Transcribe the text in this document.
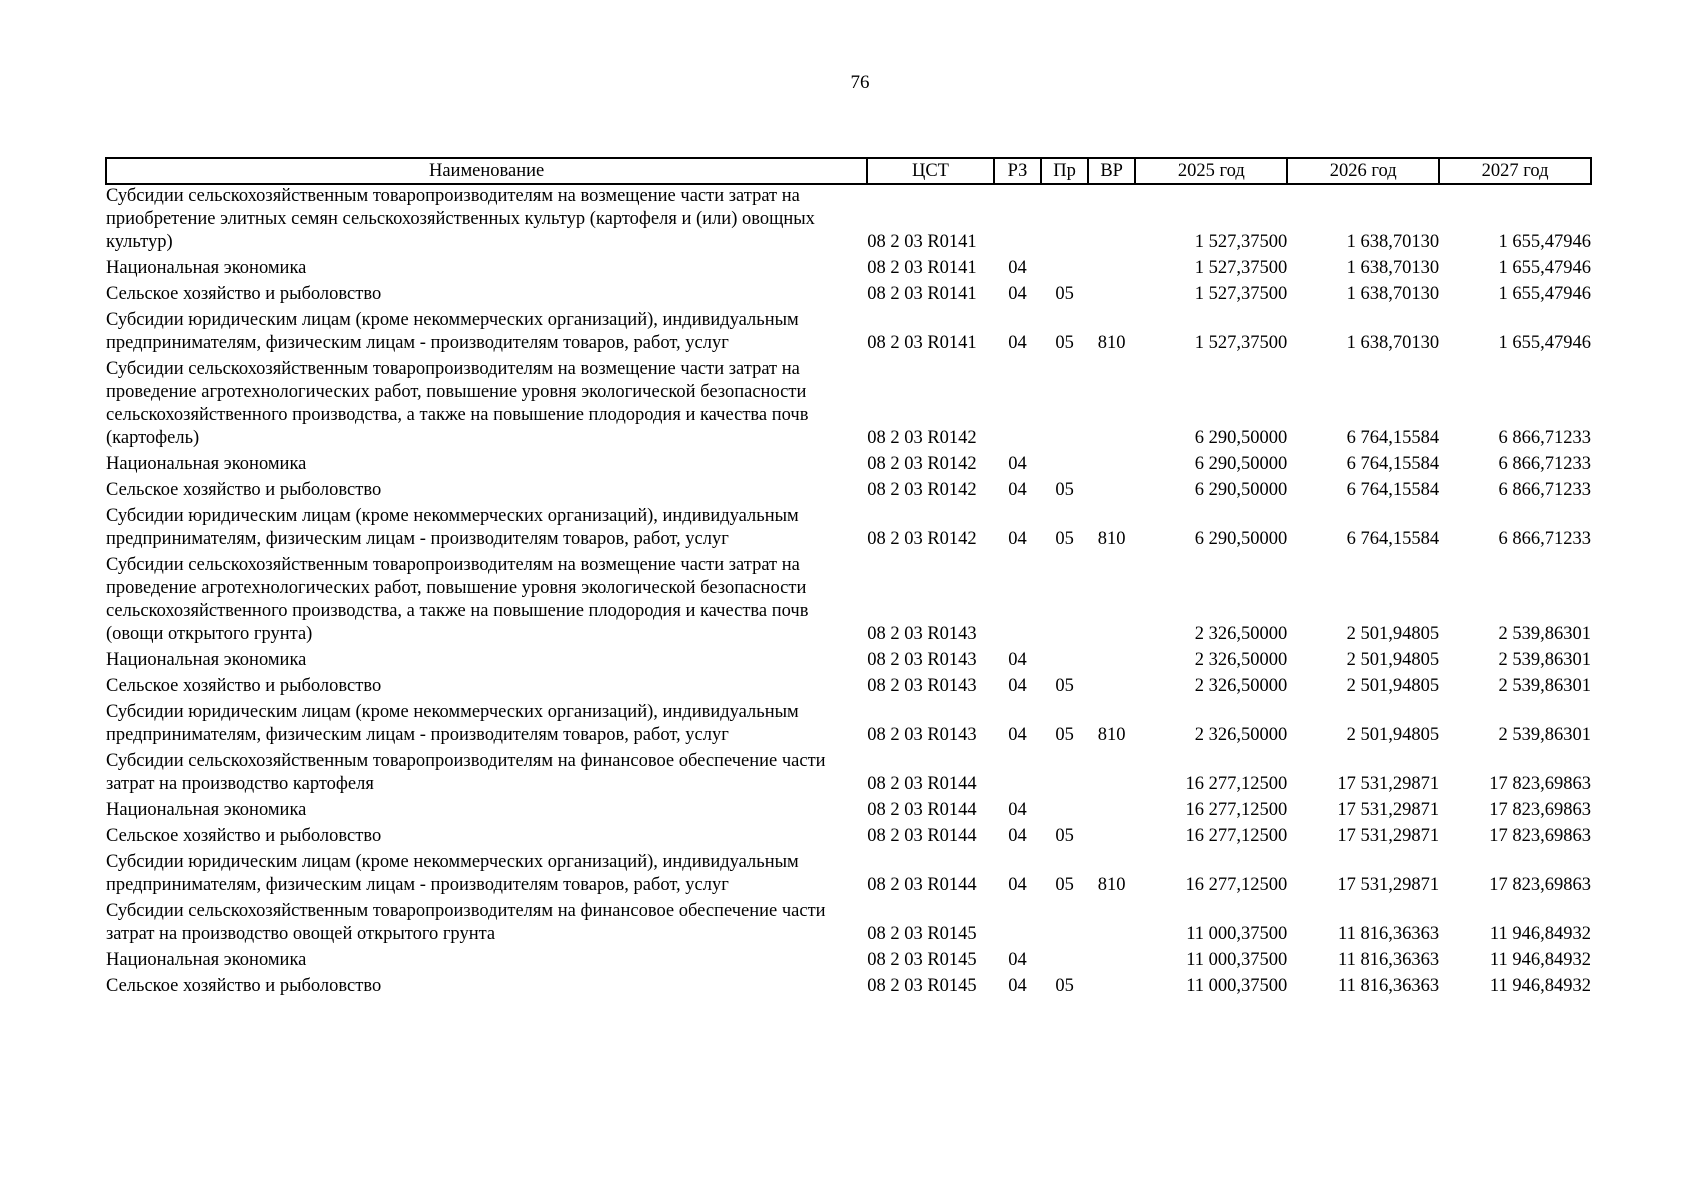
76
Наименование	ЦСТ	РЗ	Пр	ВР	2025 год	2026 год	2027 год
Субсидии сельскохозяйственным товаропроизводителям на возмещение части затрат на приобретение элитных семян сельскохозяйственных культур (картофеля и (или) овощных культур)	08 2 03 R0141				1 527,37500	1 638,70130	1 655,47946
Национальная экономика	08 2 03 R0141	04			1 527,37500	1 638,70130	1 655,47946
Сельское хозяйство и рыболовство	08 2 03 R0141	04	05		1 527,37500	1 638,70130	1 655,47946
Субсидии юридическим лицам (кроме некоммерческих организаций), индивидуальным предпринимателям, физическим лицам - производителям товаров, работ, услуг	08 2 03 R0141	04	05	810	1 527,37500	1 638,70130	1 655,47946
Субсидии сельскохозяйственным товаропроизводителям на возмещение части затрат на проведение агротехнологических работ, повышение уровня экологической безопасности сельскохозяйственного производства, а также на повышение плодородия и качества почв (картофель)	08 2 03 R0142				6 290,50000	6 764,15584	6 866,71233
Национальная экономика	08 2 03 R0142	04			6 290,50000	6 764,15584	6 866,71233
Сельское хозяйство и рыболовство	08 2 03 R0142	04	05		6 290,50000	6 764,15584	6 866,71233
Субсидии юридическим лицам (кроме некоммерческих организаций), индивидуальным предпринимателям, физическим лицам - производителям товаров, работ, услуг	08 2 03 R0142	04	05	810	6 290,50000	6 764,15584	6 866,71233
Субсидии сельскохозяйственным товаропроизводителям на возмещение части затрат на проведение агротехнологических работ, повышение уровня экологической безопасности сельскохозяйственного производства, а также на повышение плодородия и качества почв (овощи открытого грунта)	08 2 03 R0143				2 326,50000	2 501,94805	2 539,86301
Национальная экономика	08 2 03 R0143	04			2 326,50000	2 501,94805	2 539,86301
Сельское хозяйство и рыболовство	08 2 03 R0143	04	05		2 326,50000	2 501,94805	2 539,86301
Субсидии юридическим лицам (кроме некоммерческих организаций), индивидуальным предпринимателям, физическим лицам - производителям товаров, работ, услуг	08 2 03 R0143	04	05	810	2 326,50000	2 501,94805	2 539,86301
Субсидии сельскохозяйственным товаропроизводителям на финансовое обеспечение части затрат на производство картофеля	08 2 03 R0144				16 277,12500	17 531,29871	17 823,69863
Национальная экономика	08 2 03 R0144	04			16 277,12500	17 531,29871	17 823,69863
Сельское хозяйство и рыболовство	08 2 03 R0144	04	05		16 277,12500	17 531,29871	17 823,69863
Субсидии юридическим лицам (кроме некоммерческих организаций), индивидуальным предпринимателям, физическим лицам - производителям товаров, работ, услуг	08 2 03 R0144	04	05	810	16 277,12500	17 531,29871	17 823,69863
Субсидии сельскохозяйственным товаропроизводителям на финансовое обеспечение части затрат на производство овощей открытого грунта	08 2 03 R0145				11 000,37500	11 816,36363	11 946,84932
Национальная экономика	08 2 03 R0145	04			11 000,37500	11 816,36363	11 946,84932
Сельское хозяйство и рыболовство	08 2 03 R0145	04	05		11 000,37500	11 816,36363	11 946,84932
